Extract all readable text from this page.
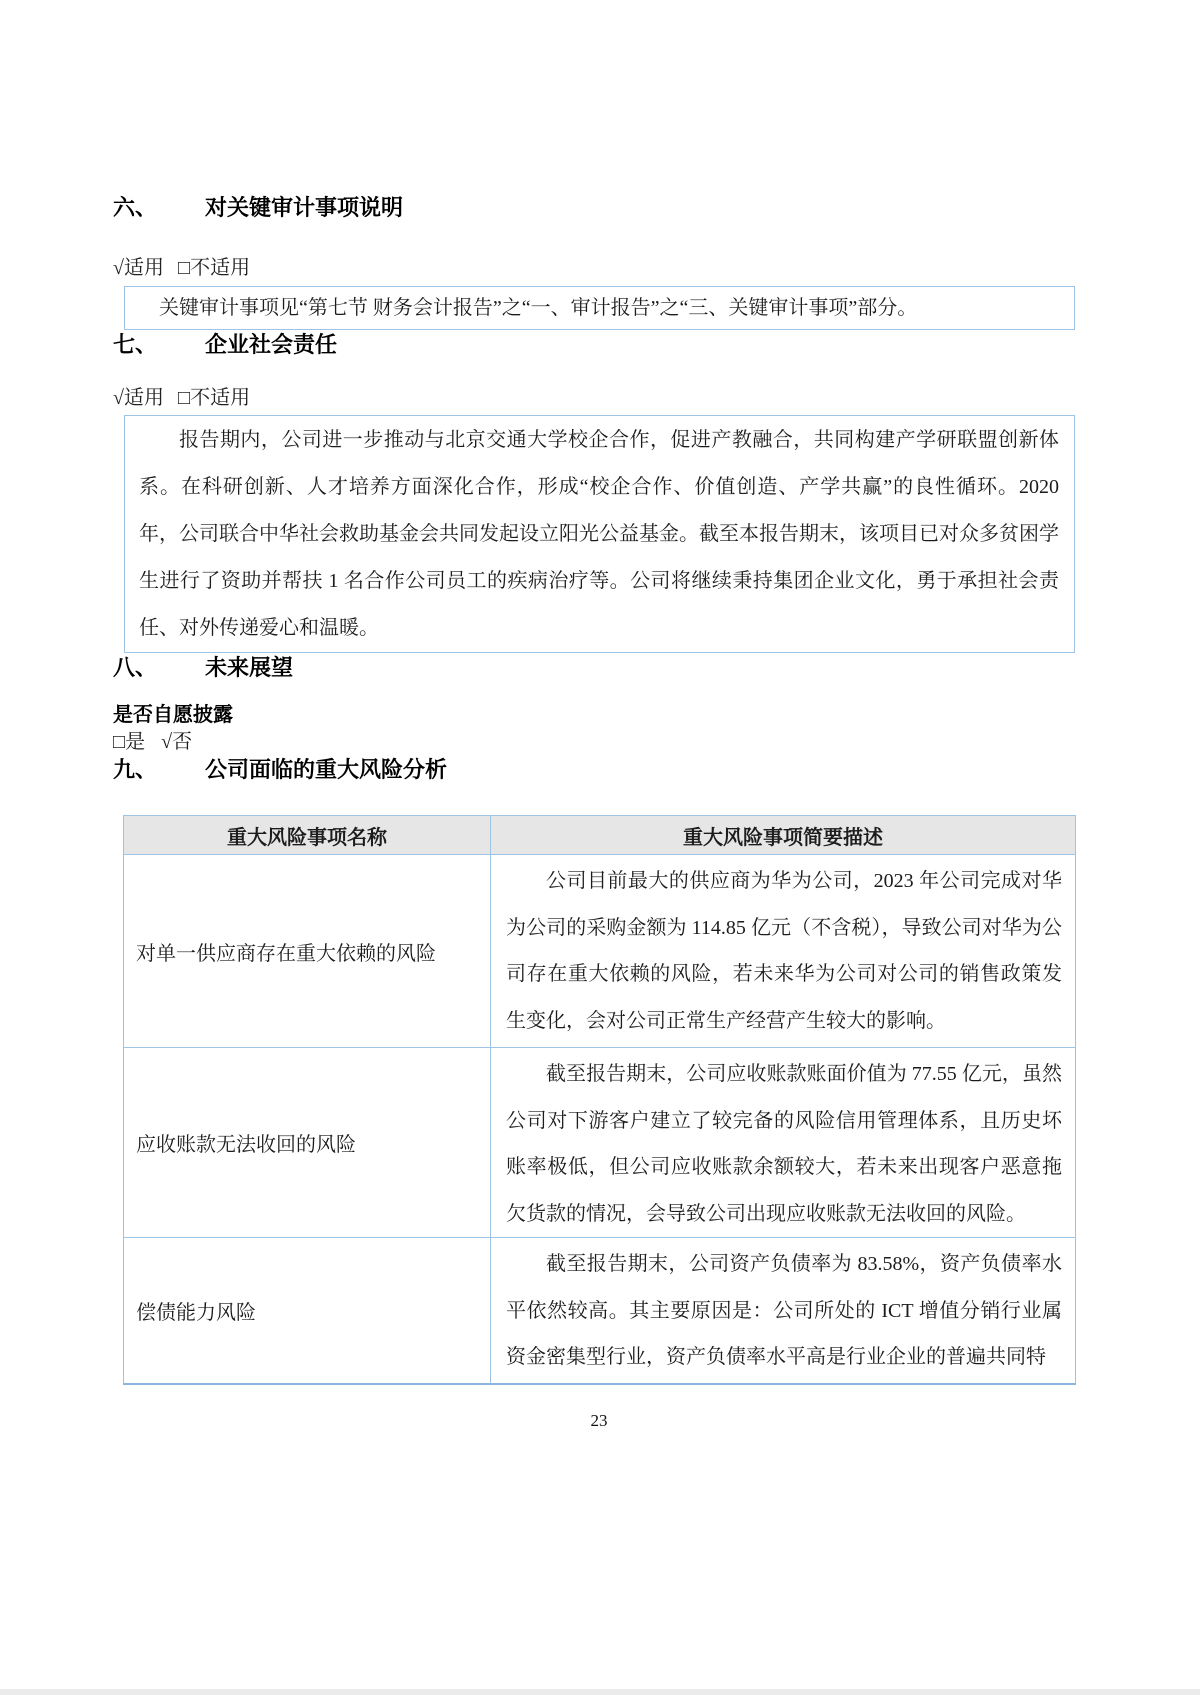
六、 对关键审计事项说明
√适用 □不适用
关键审计事项见“第七节 财务会计报告”之“一、审计报告”之“三、关键审计事项”部分。
七、 企业社会责任
√适用 □不适用

报告期内，公司进一步推动与北京交通大学校企合作，促进产教融合，共同构建产学研联盟创新体系。在科研创新、人才培养方面深化合作，形成“校企合作、价值创造、产学共赢”的良性循环。2020 年，公司联合中华社会救助基金会共同发起设立阳光公益基金。截至本报告期末，该项目已对众多贫困学生进行了资助并帮扶 1 名合作公司员工的疾病治疗等。公司将继续秉持集团企业文化，勇于承担社会责任、对外传递爱心和温暖。

八、 未来展望
是否自愿披露
□是 √否
九、 公司面临的重大风险分析
重大风险事项名称	重大风险事项简要描述
对单一供应商存在重大依赖的风险	公司目前最大的供应商为华为公司，2023 年公司完成对华为公司的采购金额为 114.85 亿元（不含税），导致公司对华为公司存在重大依赖的风险，若未来华为公司对公司的销售政策发生变化，会对公司正常生产经营产生较大的影响。

应收账款无法收回的风险	截至报告期末，公司应收账款账面价值为 77.55 亿元，虽然公司对下游客户建立了较完备的风险信用管理体系，且历史坏账率极低，但公司应收账款余额较大，若未来出现客户恶意拖欠货款的情况，会导致公司出现应收账款无法收回的风险。

偿债能力风险	截至报告期末，公司资产负债率为 83.58%，资产负债率水平依然较高。其主要原因是：公司所处的 ICT 增值分销行业属资金密集型行业，资产负债率水平高是行业企业的普遍共同特

23
